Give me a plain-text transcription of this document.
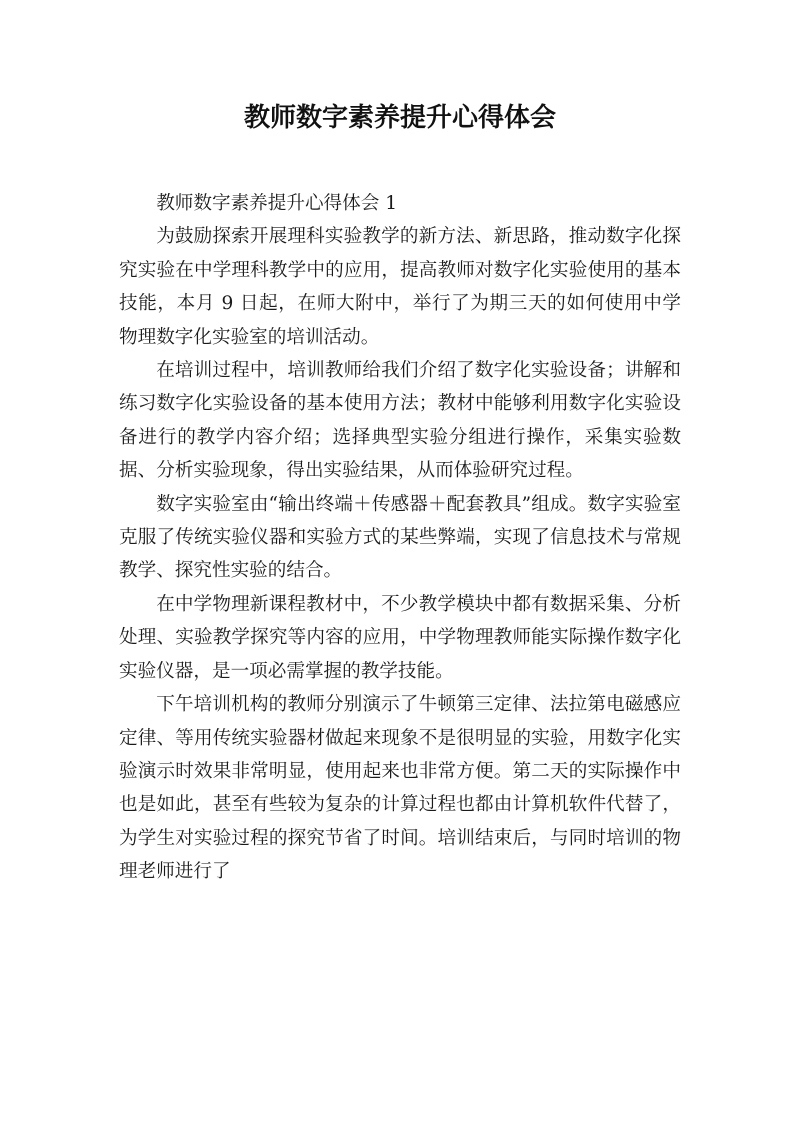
教师数字素养提升心得体会

教师数字素养提升心得体会 1

为鼓励探索开展理科实验教学的新方法、新思路，推动数字化探究实验在中学理科教学中的应用，提高教师对数字化实验使用的基本技能，本月 9 日起，在师大附中，举行了为期三天的如何使用中学物理数字化实验室的培训活动。

在培训过程中，培训教师给我们介绍了数字化实验设备；讲解和练习数字化实验设备的基本使用方法；教材中能够利用数字化实验设备进行的教学内容介绍；选择典型实验分组进行操作，采集实验数据、分析实验现象，得出实验结果，从而体验研究过程。

数字实验室由“输出终端＋传感器＋配套教具”组成。数字实验室克服了传统实验仪器和实验方式的某些弊端，实现了信息技术与常规教学、探究性实验的结合。

在中学物理新课程教材中，不少教学模块中都有数据采集、分析处理、实验教学探究等内容的应用，中学物理教师能实际操作数字化实验仪器，是一项必需掌握的教学技能。

下午培训机构的教师分别演示了牛顿第三定律、法拉第电磁感应定律、等用传统实验器材做起来现象不是很明显的实验，用数字化实验演示时效果非常明显，使用起来也非常方便。第二天的实际操作中也是如此，甚至有些较为复杂的计算过程也都由计算机软件代替了，为学生对实验过程的探究节省了时间。培训结束后，与同时培训的物理老师进行了
